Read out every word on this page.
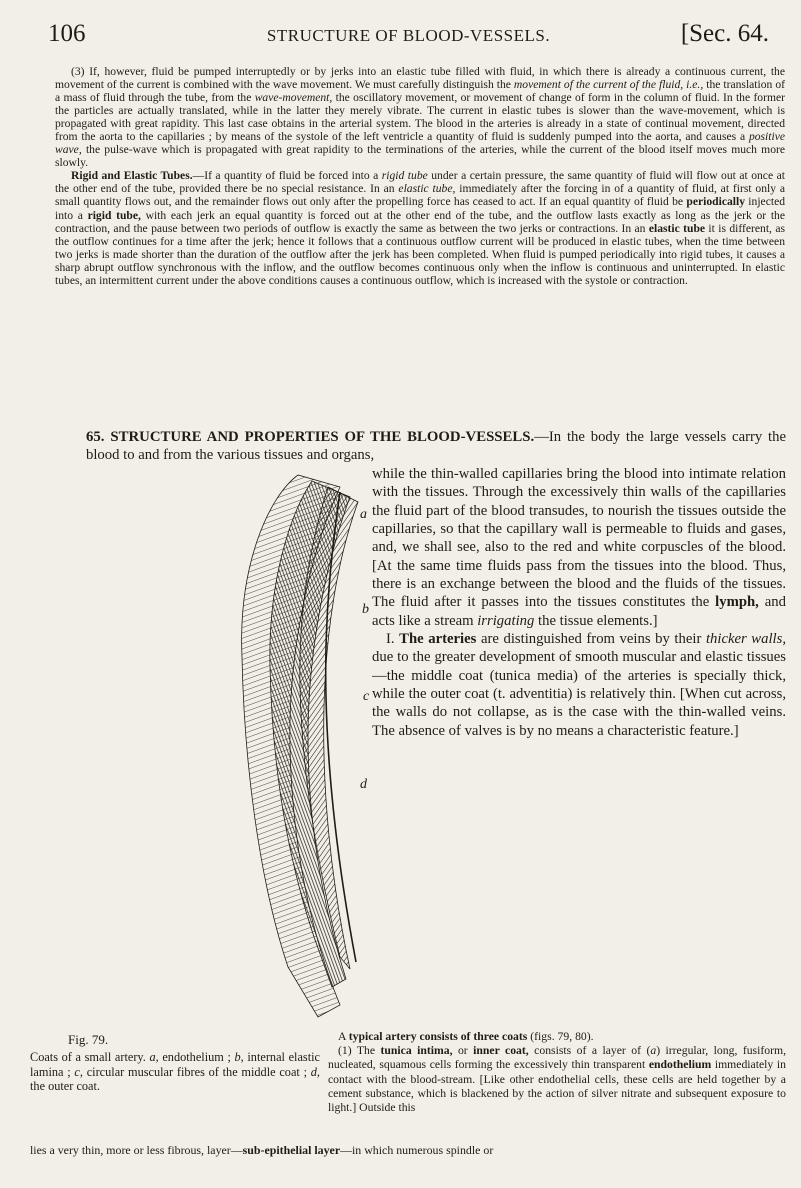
106	STRUCTURE OF BLOOD-VESSELS.	[Sec. 64.

(3) If, however, fluid be pumped interruptedly or by jerks into an elastic tube filled with fluid, in which there is already a continuous current, the movement of the current is combined with the wave movement. We must carefully distinguish the movement of the current of the fluid, i.e., the translation of a mass of fluid through the tube, from the wave-movement, the oscillatory movement, or movement of change of form in the column of fluid. In the former the particles are actually translated, while in the latter they merely vibrate. The current in elastic tubes is slower than the wave-movement, which is propagated with great rapidity. This last case obtains in the arterial system. The blood in the arteries is already in a state of continual movement, directed from the aorta to the capillaries ; by means of the systole of the left ventricle a quantity of fluid is suddenly pumped into the aorta, and causes a positive wave, the pulse-wave which is propagated with great rapidity to the terminations of the arteries, while the current of the blood itself moves much more slowly.

Rigid and Elastic Tubes.—If a quantity of fluid be forced into a rigid tube under a certain pressure, the same quantity of fluid will flow out at once at the other end of the tube, provided there be no special resistance. In an elastic tube, immediately after the forcing in of a quantity of fluid, at first only a small quantity flows out, and the remainder flows out only after the propelling force has ceased to act. If an equal quantity of fluid be periodically injected into a rigid tube, with each jerk an equal quantity is forced out at the other end of the tube, and the outflow lasts exactly as long as the jerk or the contraction, and the pause between two periods of outflow is exactly the same as between the two jerks or contractions. In an elastic tube it is different, as the outflow continues for a time after the jerk; hence it follows that a continuous outflow current will be produced in elastic tubes, when the time between two jerks is made shorter than the duration of the outflow after the jerk has been completed. When fluid is pumped periodically into rigid tubes, it causes a sharp abrupt outflow synchronous with the inflow, and the outflow becomes continuous only when the inflow is continuous and uninterrupted. In elastic tubes, an intermittent current under the above conditions causes a continuous outflow, which is increased with the systole or contraction.

65. STRUCTURE AND PROPERTIES OF THE BLOOD-VESSELS.—In the body the large vessels carry the blood to and from the various tissues and organs,
a
b
c
d

while the thin-walled capillaries bring the blood into intimate relation with the tissues. Through the excessively thin walls of the capillaries the fluid part of the blood transudes, to nourish the tissues outside the capillaries, so that the capillary wall is permeable to fluids and gases, and, we shall see, also to the red and white corpuscles of the blood. [At the same time fluids pass from the tissues into the blood. Thus, there is an exchange between the blood and the fluids of the tissues. The fluid after it passes into the tissues constitutes the lymph, and acts like a stream irrigating the tissue elements.]

I. The arteries are distinguished from veins by their thicker walls, due to the greater development of smooth muscular and elastic tissues—the middle coat (tunica media) of the arteries is specially thick, while the outer coat (t. adventitia) is relatively thin. [When cut across, the walls do not collapse, as is the case with the thin-walled veins. The absence of valves is by no means a characteristic feature.]

Fig. 79.
Coats of a small artery. a, endothelium ; b, internal elastic lamina ; c, circular muscular fibres of the middle coat ; d, the outer coat.

A typical artery consists of three coats (figs. 79, 80).

(1) The tunica intima, or inner coat, consists of a layer of (a) irregular, long, fusiform, nucleated, squamous cells forming the excessively thin transparent endothelium immediately in contact with the blood-stream. [Like other endothelial cells, these cells are held together by a cement substance, which is blackened by the action of silver nitrate and subsequent exposure to light.] Outside this

lies a very thin, more or less fibrous, layer—sub-epithelial layer—in which numerous spindle or
